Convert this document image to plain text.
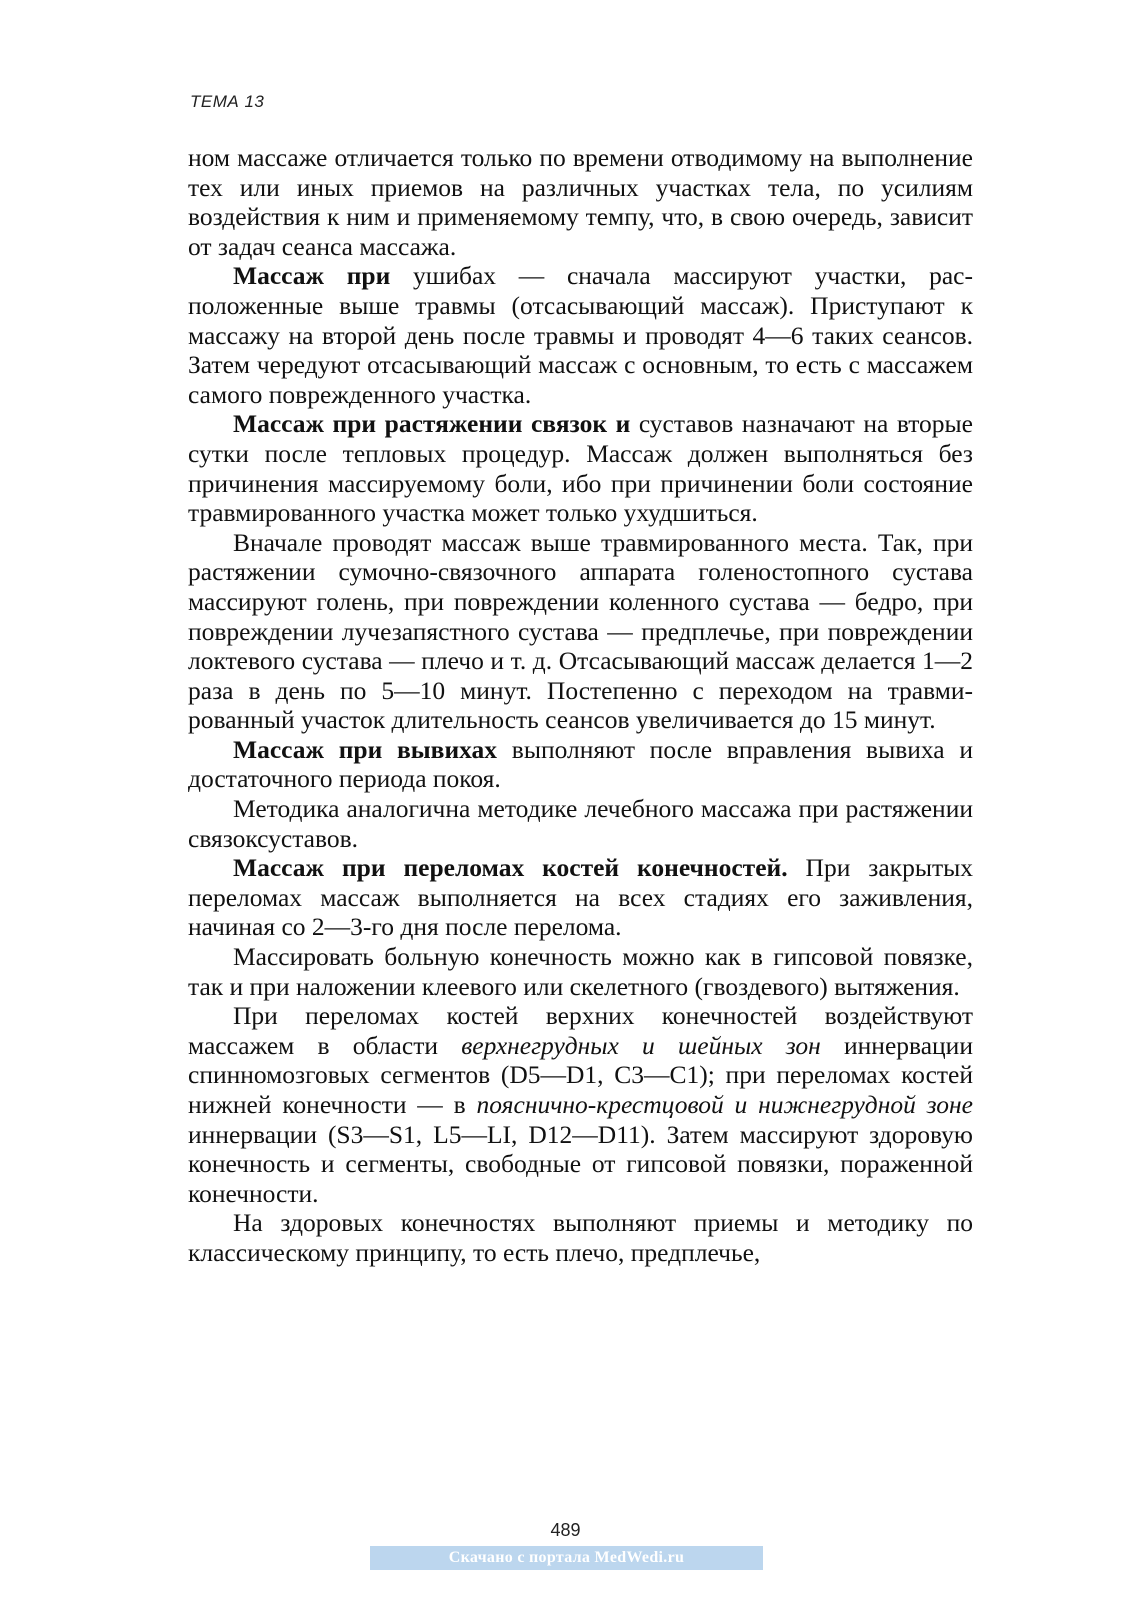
ТЕМА 13

ном массаже отличается только по времени отводимому на выполнение тех или иных приемов на различных участках тела, по усилиям воздействия к ним и применяемому темпу, что, в свою очередь, зависит от задач сеанса массажа.

Массаж при ушибах — сначала массируют участки, расположенные выше травмы (отсасывающий массаж). Приступают к массажу на второй день после травмы и проводят 4—6 таких сеансов. Затем чередуют отсасывающий массаж с основным, то есть с массажем самого поврежденного участка.

Массаж при растяжении связок и суставов назначают на вторые сутки после тепловых процедур. Массаж должен выполняться без причинения массируемому боли, ибо при причинении боли состояние травмированного участка может только ухудшиться.

Вначале проводят массаж выше травмированного места. Так, при растяжении сумочно-связочного аппарата голеностопного сустава массируют голень, при повреждении коленного сустава — бедро, при повреждении лучезапястного сустава — предплечье, при повреждении локтевого сустава — плечо и т. д. Отсасывающий массаж делается 1—2 раза в день по 5—10 минут. Постепенно с переходом на травмированный участок длительность сеансов увеличивается до 15 минут.

Массаж при вывихах выполняют после вправления вывиха и достаточного периода покоя.

Методика аналогична методике лечебного массажа при растяжении связоксуставов.

Массаж при переломах костей конечностей. При закрытых переломах массаж выполняется на всех стадиях его заживления, начиная со 2—3-го дня после перелома.

Массировать больную конечность можно как в гипсовой повязке, так и при наложении клеевого или скелетного (гвоздевого) вытяжения.

При переломах костей верхних конечностей воздействуют массажем в области верхнегрудных и шейных зон иннервации спинномозговых сегментов (D5—D1, C3—C1); при переломах костей нижней конечности — в пояснично-крестцовой и нижнегрудной зоне иннервации (S3—S1, L5—LI, D12—D11). Затем массируют здоровую конечность и сегменты, свободные от гипсовой повязки, пораженной конечности.

На здоровых конечностях выполняют приемы и методику по классическому принципу, то есть плечо, предплечье,

489
Скачано с портала MedWedi.ru
